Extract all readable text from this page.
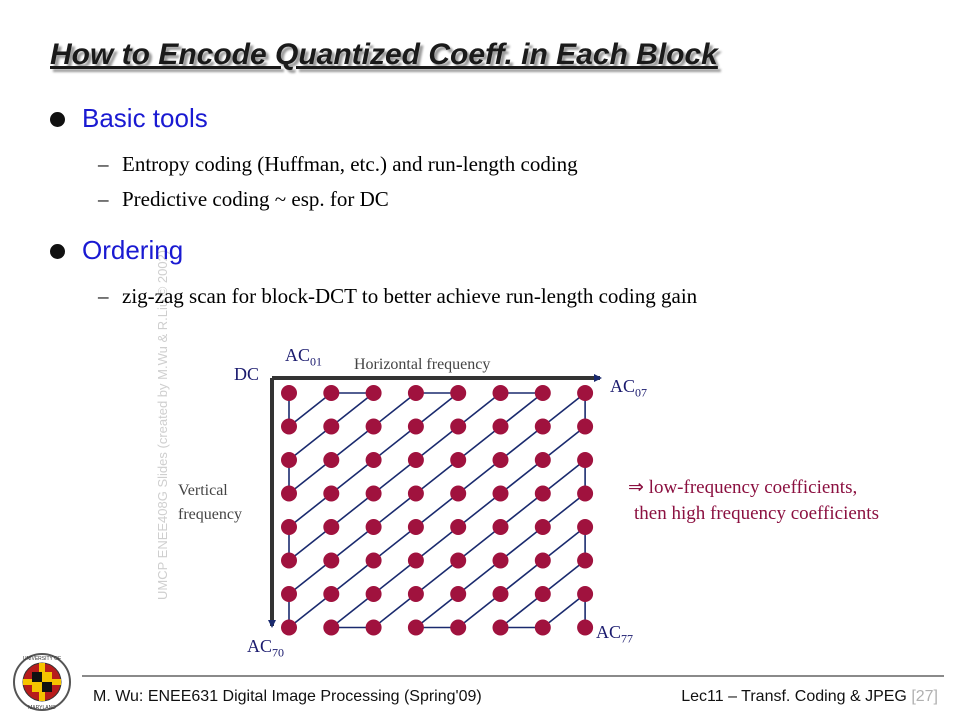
How to Encode Quantized Coeff. in Each Block
UMCP ENEE408G Slides (created by M.Wu & R.Liu © 2002)
Basic tools
– Entropy coding (Huffman, etc.) and run-length coding
– Predictive coding ~ esp. for DC
Ordering
– zig-zag scan for block-DCT to better achieve run-length coding gain
DC
$AC_{01}$
$AC_{07}$
$AC_{70}$
$AC_{77}$
Horizontal frequency
Vertical
frequency
⇒ low-frequency coefficients,
then high frequency coefficients
UNIVERSITY OF
MARYLAND
M. Wu: ENEE631 Digital Image Processing (Spring'09)	Lec11 – Transf. Coding & JPEG [27]
